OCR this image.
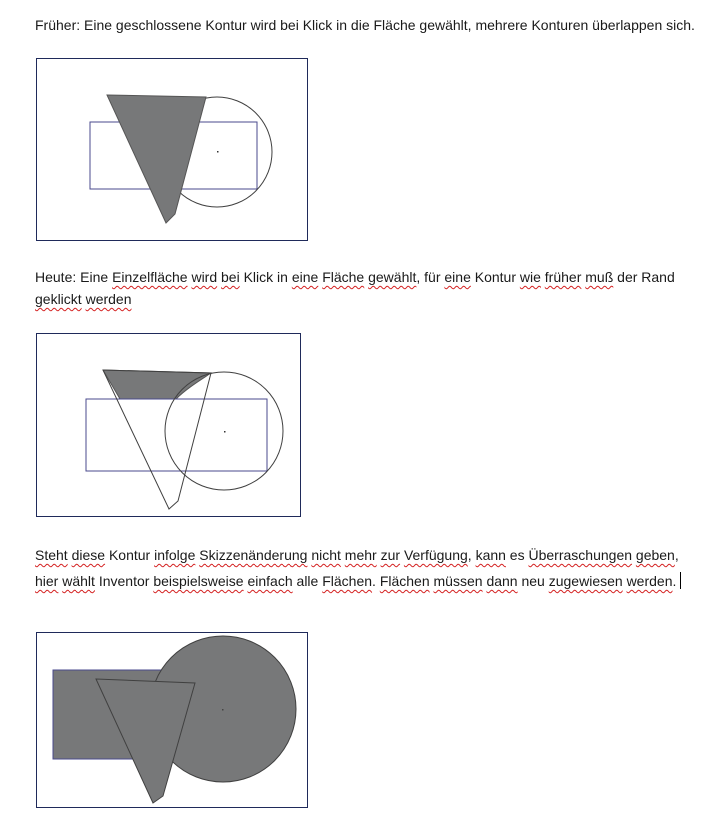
Früher: Eine geschlossene Kontur wird bei Klick in die Fläche gewählt, mehrere Konturen überlappen sich.

Heute: Eine Einzelfläche wird bei Klick in eine Fläche gewählt, für eine Kontur wie früher muß der Rand geklickt werden

Steht diese Kontur infolge Skizzenänderung nicht mehr zur Verfügung, kann es Überraschungen geben, hier wählt Inventor beispielsweise einfach alle Flächen. Flächen müssen dann neu zugewiesen werden.
